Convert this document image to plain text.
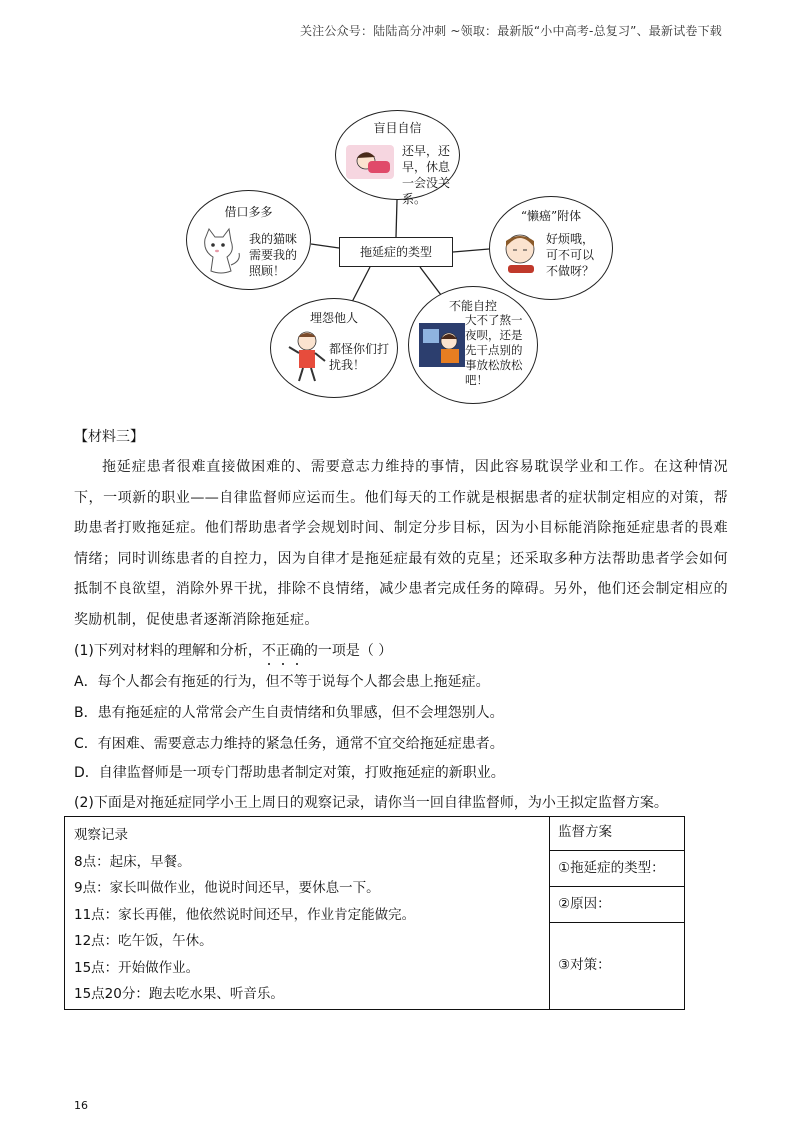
关注公众号：陆陆高分冲刺 ~领取：最新版“小中高考-总复习”、最新试卷下载
盲目自信
还早，还
早，休息
一会没关
系。
借口多多
我的猫咪
需要我的
照顾！
“懒癌”附体
好烦哦，
可不可以
不做呀？
埋怨他人
都怪你们打
扰我！
不能自控
大不了熬一
夜呗，还是
先干点别的
事放松放松
吧！
拖延症的类型
【材料三】
拖延症患者很难直接做困难的、需要意志力维持的事情，因此容易耽误学业和工作。在这种情况下，一项新的职业——自律监督师应运而生。他们每天的工作就是根据患者的症状制定相应的对策，帮助患者打败拖延症。他们帮助患者学会规划时间、制定分步目标，因为小目标能消除拖延症患者的畏难情绪；同时训练患者的自控力，因为自律才是拖延症最有效的克星；还采取多种方法帮助患者学会如何抵制不良欲望，消除外界干扰，排除不良情绪，减少患者完成任务的障碍。另外，他们还会制定相应的奖励机制，促使患者逐渐消除拖延症。
(1)下列对材料的理解和分析，不正确的一项是（ ）
A．每个人都会有拖延的行为，但不等于说每个人都会患上拖延症。
B．患有拖延症的人常常会产生自责情绪和负罪感，但不会埋怨别人。
C．有困难、需要意志力维持的紧急任务，通常不宜交给拖延症患者。
D．自律监督师是一项专门帮助患者制定对策，打败拖延症的新职业。
(2)下面是对拖延症同学小王上周日的观察记录，请你当一回自律监督师，为小王拟定监督方案。
观察记录
8点：起床，早餐。
9点：家长叫做作业，他说时间还早，要休息一下。
11点：家长再催，他依然说时间还早，作业肯定能做完。
12点：吃午饭，午休。
15点：开始做作业。
15点20分：跑去吃水果、听音乐。
监督方案
①拖延症的类型：
②原因：
③对策：
16
